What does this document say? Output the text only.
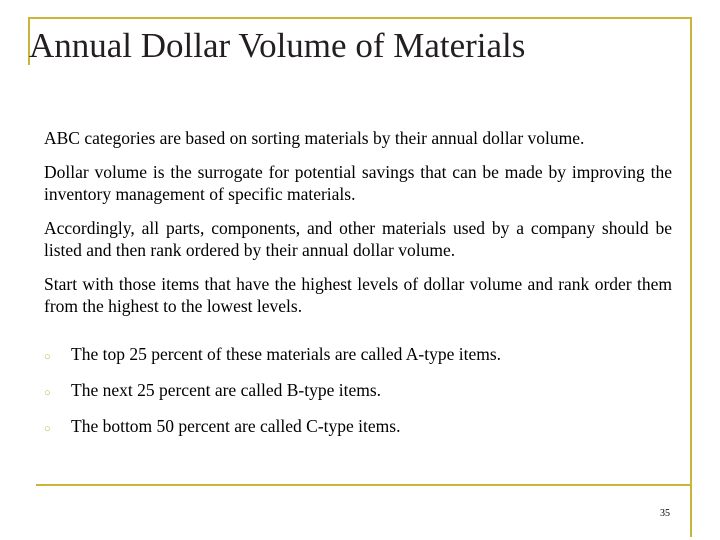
Annual Dollar Volume of Materials

ABC categories are based on sorting materials by their annual dollar volume.

Dollar volume is the surrogate for potential savings that can be made by improving the inventory management of specific materials.

Accordingly, all parts, components, and other materials used by a company should be listed and then rank ordered by their annual dollar volume.

Start with those items that have the highest levels of dollar volume and rank order them from the highest to the lowest levels.

○	The top 25 percent of these materials are called A-type items.
○	The next 25 percent are called B-type items.
○	The bottom 50 percent are called C-type items.
35
